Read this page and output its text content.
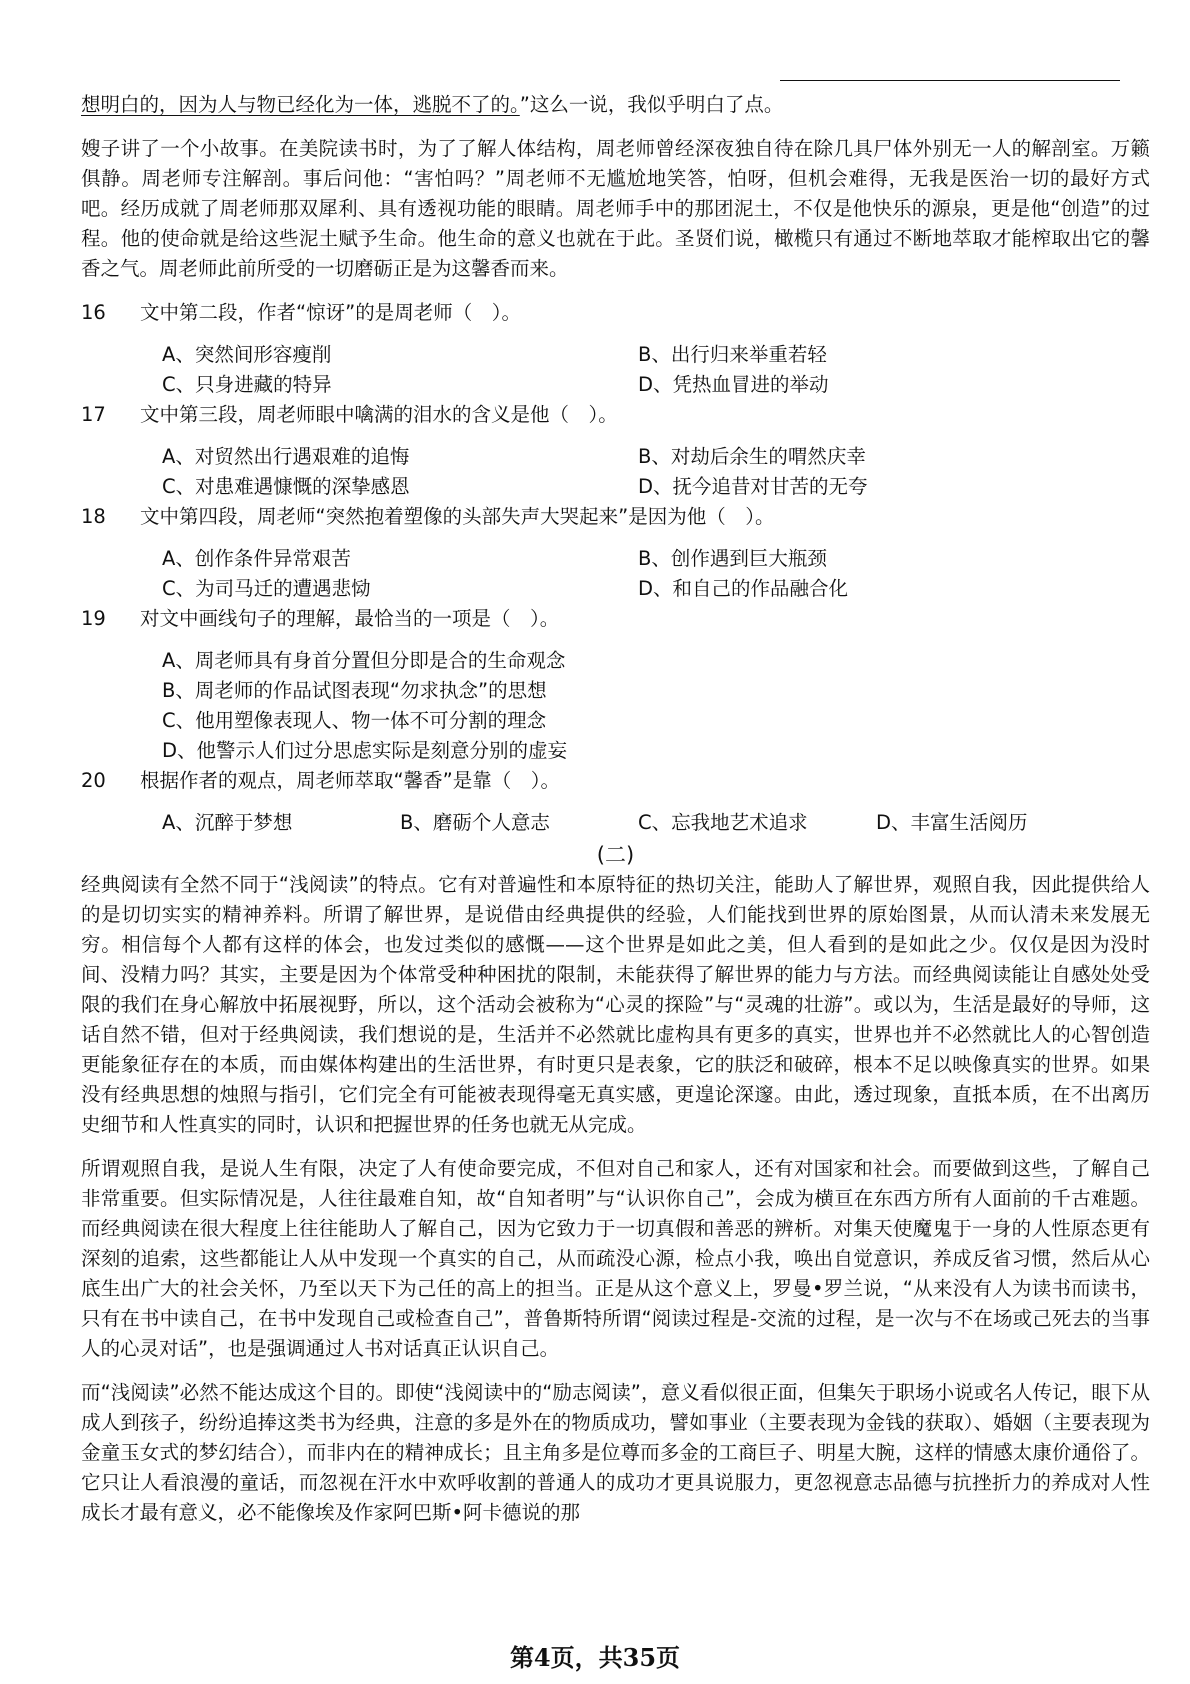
想明白的，因为人与物已经化为一体，逃脱不了的。”这么一说，我似乎明白了点。

嫂子讲了一个小故事。在美院读书时，为了了解人体结构，周老师曾经深夜独自待在除几具尸体外别无一人的解剖室。万籁俱静。周老师专注解剖。事后问他：“害怕吗？”周老师不无尴尬地笑答，怕呀，但机会难得，无我是医治一切的最好方式吧。经历成就了周老师那双犀利、具有透视功能的眼睛。周老师手中的那团泥土，不仅是他快乐的源泉，更是他“创造”的过程。他的使命就是给这些泥土赋予生命。他生命的意义也就在于此。圣贤们说，橄榄只有通过不断地萃取才能榨取出它的馨香之气。周老师此前所受的一切磨砺正是为这馨香而来。

16	文中第二段，作者“惊讶”的是周老师（　）。
A、突然间形容瘦削	B、出行归来举重若轻
C、只身进藏的特异	D、凭热血冒进的举动
17	文中第三段，周老师眼中噙满的泪水的含义是他（　）。
A、对贸然出行遇艰难的追悔	B、对劫后余生的喟然庆幸
C、对患难遇慷慨的深挚感恩	D、抚今追昔对甘苦的无夸
18	文中第四段，周老师“突然抱着塑像的头部失声大哭起来”是因为他（　）。
A、创作条件异常艰苦	B、创作遇到巨大瓶颈
C、为司马迁的遭遇悲恸	D、和自己的作品融合化
19	对文中画线句子的理解，最恰当的一项是（　）。
A、周老师具有身首分置但分即是合的生命观念
B、周老师的作品试图表现“勿求执念”的思想
C、他用塑像表现人、物一体不可分割的理念
D、他警示人们过分思虑实际是刻意分别的虚妄
20	根据作者的观点，周老师萃取“馨香”是靠（　）。
A、沉醉于梦想	B、磨砺个人意志	C、忘我地艺术追求	D、丰富生活阅历
(二)

经典阅读有全然不同于“浅阅读”的特点。它有对普遍性和本原特征的热切关注，能助人了解世界，观照自我，因此提供给人的是切切实实的精神养料。所谓了解世界，是说借由经典提供的经验，人们能找到世界的原始图景，从而认清未来发展无穷。相信每个人都有这样的体会，也发过类似的感慨——这个世界是如此之美，但人看到的是如此之少。仅仅是因为没时间、没精力吗？其实，主要是因为个体常受种种困扰的限制，未能获得了解世界的能力与方法。而经典阅读能让自感处处受限的我们在身心解放中拓展视野，所以，这个活动会被称为“心灵的探险”与“灵魂的壮游”。或以为，生活是最好的导师，这话自然不错，但对于经典阅读，我们想说的是，生活并不必然就比虚构具有更多的真实，世界也并不必然就比人的心智创造更能象征存在的本质，而由媒体构建出的生活世界，有时更只是表象，它的肤泛和破碎，根本不足以映像真实的世界。如果没有经典思想的烛照与指引，它们完全有可能被表现得毫无真实感，更遑论深邃。由此，透过现象，直抵本质，在不出离历史细节和人性真实的同时，认识和把握世界的任务也就无从完成。

所谓观照自我，是说人生有限，决定了人有使命要完成，不但对自己和家人，还有对国家和社会。而要做到这些，了解自己非常重要。但实际情况是，人往往最难自知，故“自知者明”与“认识你自己”，会成为横亘在东西方所有人面前的千古难题。而经典阅读在很大程度上往往能助人了解自己，因为它致力于一切真假和善恶的辨析。对集天使魔鬼于一身的人性原态更有深刻的追索，这些都能让人从中发现一个真实的自己，从而疏没心源，检点小我，唤出自觉意识，养成反省习惯，然后从心底生出广大的社会关怀，乃至以天下为己任的高上的担当。正是从这个意义上，罗曼•罗兰说，“从来没有人为读书而读书，只有在书中读自己，在书中发现自己或检查自己”，普鲁斯特所谓“阅读过程是-交流的过程，是一次与不在场或己死去的当事人的心灵对话”，也是强调通过人书对话真正认识自己。

而“浅阅读”必然不能达成这个目的。即使“浅阅读中的“励志阅读”，意义看似很正面，但集矢于职场小说或名人传记，眼下从成人到孩子，纷纷追捧这类书为经典，注意的多是外在的物质成功，譬如事业（主要表现为金钱的获取）、婚姻（主要表现为金童玉女式的梦幻结合），而非内在的精神成长；且主角多是位尊而多金的工商巨子、明星大腕，这样的情感太康价通俗了。它只让人看浪漫的童话，而忽视在汗水中欢呼收割的普通人的成功才更具说服力，更忽视意志品德与抗挫折力的养成对人性成长才最有意义，必不能像埃及作家阿巴斯•阿卡德说的那

第4页，共35页
